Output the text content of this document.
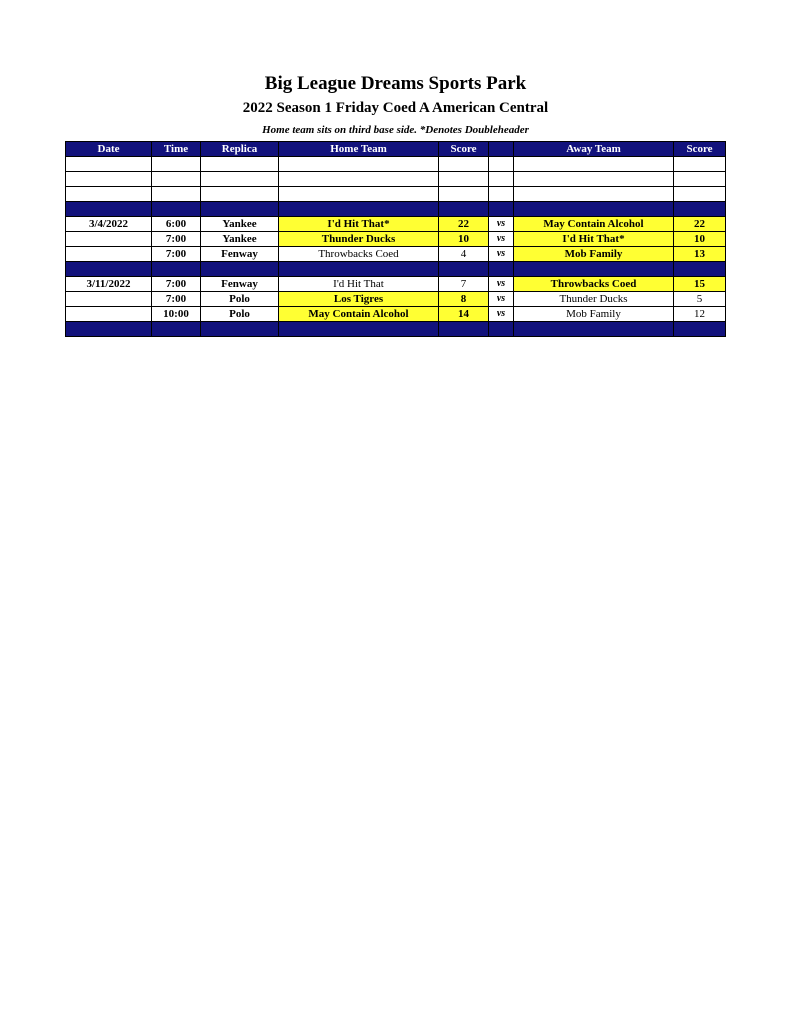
Big League Dreams Sports Park
2022 Season 1 Friday Coed A American Central
Home team sits on third base side. *Denotes Doubleheader
Date	Time	Replica	Home Team	Score		Away Team	Score

3/4/2022	6:00	Yankee	I'd Hit That*	22	vs	May Contain Alcohol	22
	7:00	Yankee	Thunder Ducks	10	vs	I'd Hit That*	10
	7:00	Fenway	Throwbacks Coed	4	vs	Mob Family	13

3/11/2022	7:00	Fenway	I'd Hit That	7	vs	Throwbacks Coed	15
	7:00	Polo	Los Tigres	8	vs	Thunder Ducks	5
	10:00	Polo	May Contain Alcohol	14	vs	Mob Family	12
